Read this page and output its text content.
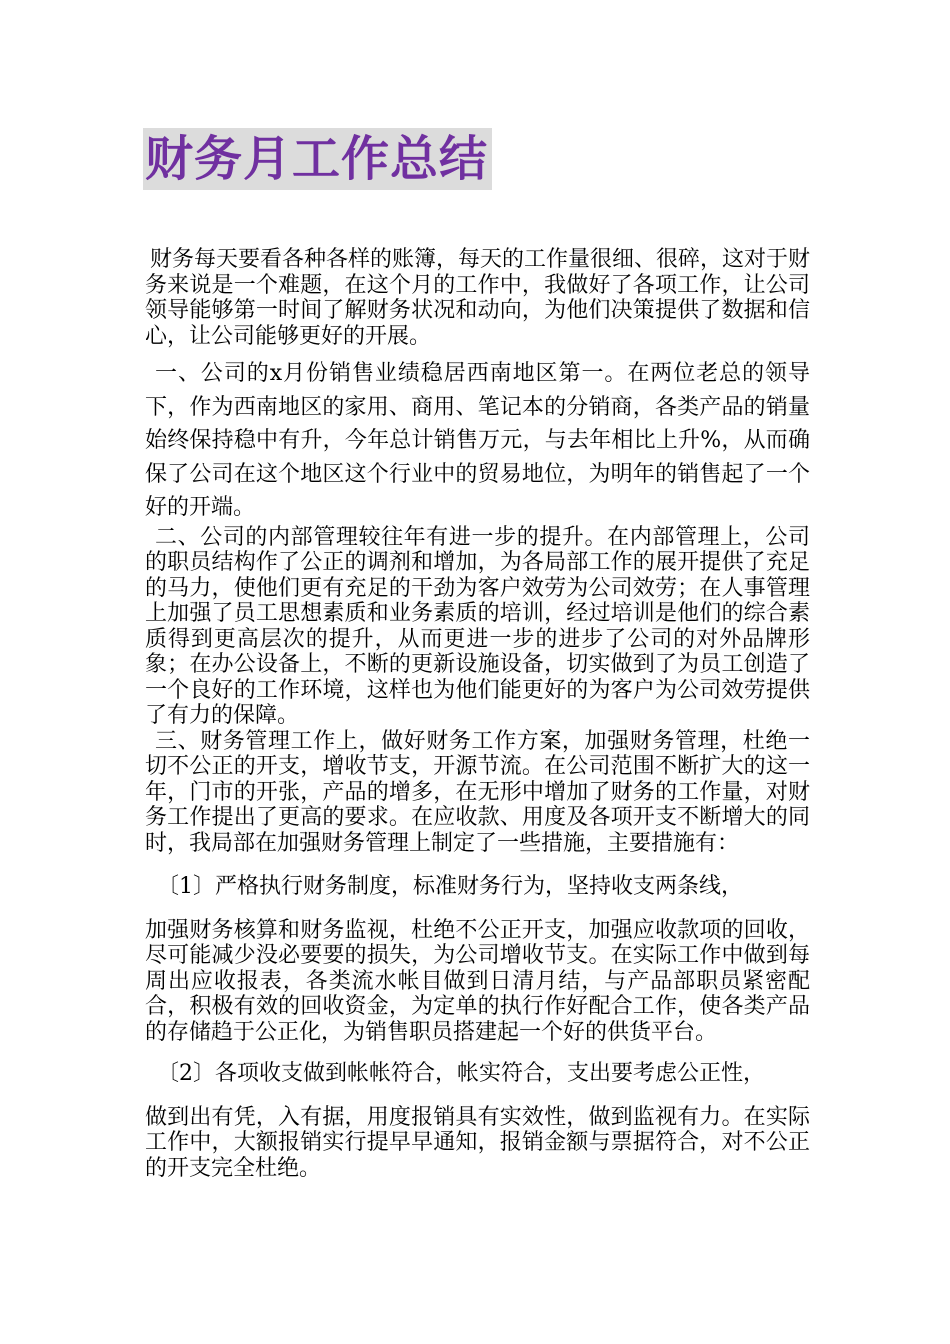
财务月工作总结

财务每天要看各种各样的账簿，每天的工作量很细、很碎，这对于财务来说是一个难题，在这个月的工作中，我做好了各项工作，让公司领导能够第一时间了解财务状况和动向，为他们决策提供了数据和信心，让公司能够更好的开展。

一、公司的x月份销售业绩稳居西南地区第一。在两位老总的领导下，作为西南地区的家用、商用、笔记本的分销商，各类产品的销量始终保持稳中有升，今年总计销售万元，与去年相比上升%，从而确保了公司在这个地区这个行业中的贸易地位，为明年的销售起了一个好的开端。

二、公司的内部管理较往年有进一步的提升。在内部管理上，公司的职员结构作了公正的调剂和增加，为各局部工作的展开提供了充足的马力，使他们更有充足的干劲为客户效劳为公司效劳；在人事管理上加强了员工思想素质和业务素质的培训，经过培训是他们的综合素质得到更高层次的提升，从而更进一步的进步了公司的对外品牌形象；在办公设备上，不断的更新设施设备，切实做到了为员工创造了一个良好的工作环境，这样也为他们能更好的为客户为公司效劳提供了有力的保障。

三、财务管理工作上，做好财务工作方案，加强财务管理，杜绝一切不公正的开支，增收节支，开源节流。在公司范围不断扩大的这一年，门市的开张，产品的增多，在无形中增加了财务的工作量，对财务工作提出了更高的要求。在应收款、用度及各项开支不断增大的同时，我局部在加强财务管理上制定了一些措施，主要措施有：

〔1〕严格执行财务制度，标准财务行为，坚持收支两条线，
加强财务核算和财务监视，杜绝不公正开支，加强应收款项的回收，尽可能减少没必要要的损失，为公司增收节支。在实际工作中做到每周出应收报表，各类流水帐目做到日清月结，与产品部职员紧密配合，积极有效的回收资金，为定单的执行作好配合工作，使各类产品的存储趋于公正化，为销售职员搭建起一个好的供货平台。

〔2〕各项收支做到帐帐符合，帐实符合，支出要考虑公正性，
做到出有凭，入有据，用度报销具有实效性，做到监视有力。在实际工作中，大额报销实行提早早通知，报销金额与票据符合，对不公正的开支完全杜绝。
